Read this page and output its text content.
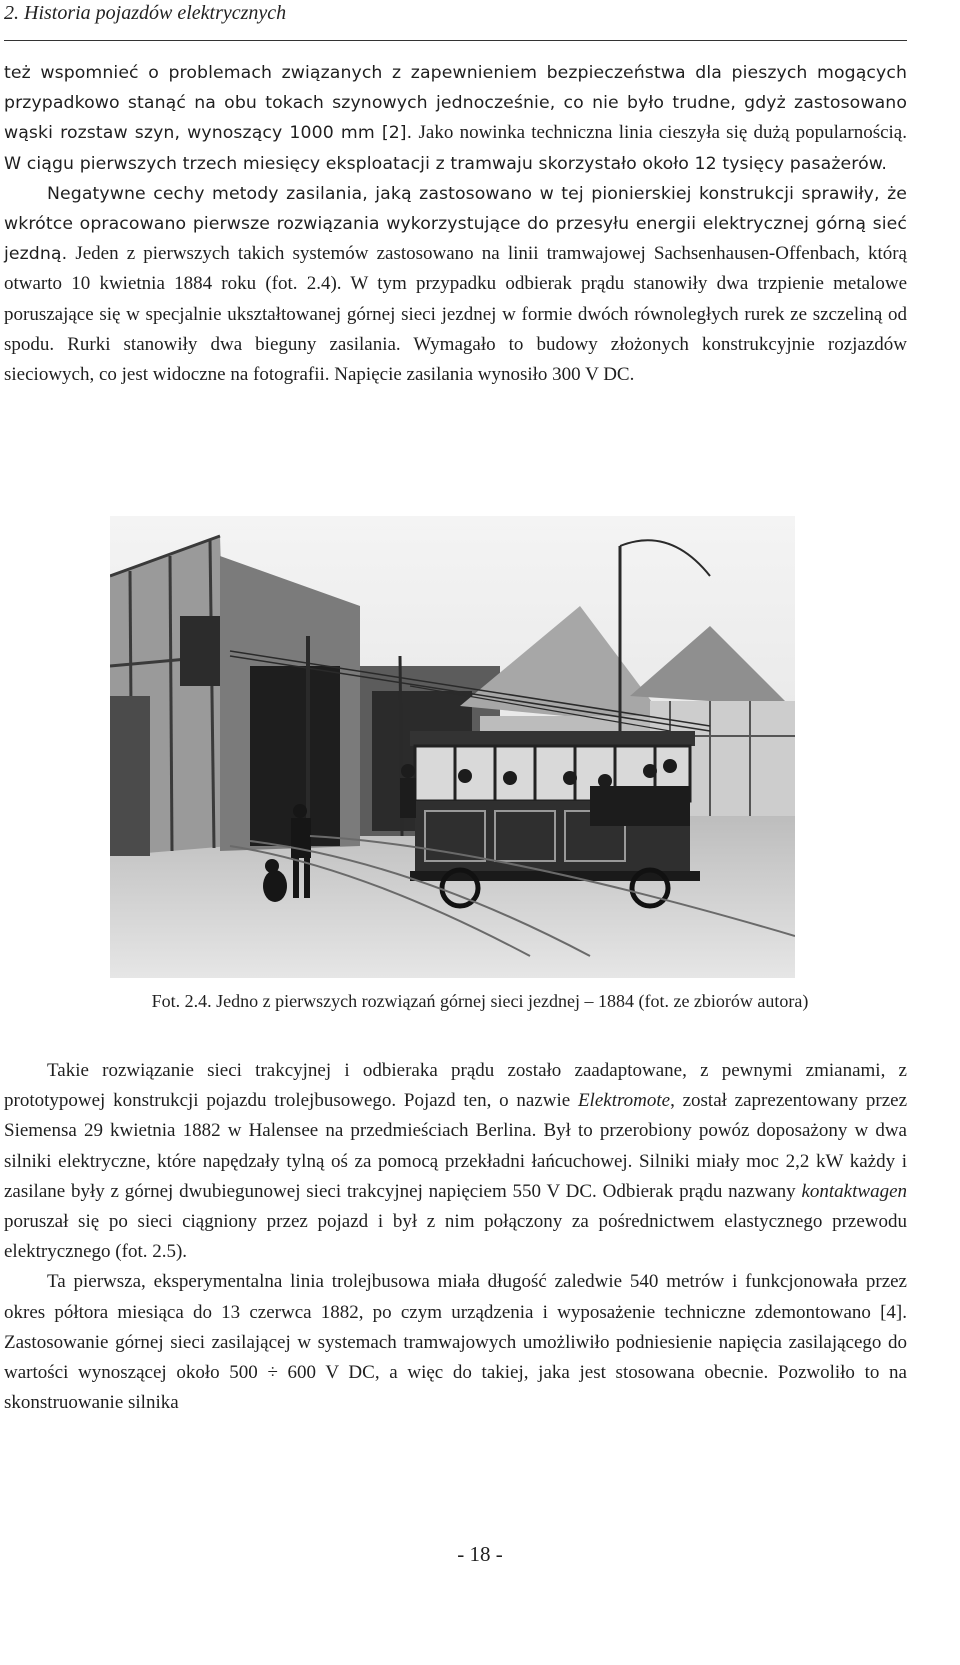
2. Historia pojazdów elektrycznych

też wspomnieć o problemach związanych z zapewnieniem bezpieczeństwa dla pieszych mogących przypadkowo stanąć na obu tokach szynowych jednocześnie, co nie było trudne, gdyż zastosowano wąski rozstaw szyn, wynoszący 1000 mm [2]. Jako nowinka techniczna linia cieszyła się dużą popularnością. W ciągu pierwszych trzech miesięcy eksploatacji z tramwaju skorzystało około 12 tysięcy pasażerów.

Negatywne cechy metody zasilania, jaką zastosowano w tej pionierskiej konstrukcji sprawiły, że wkrótce opracowano pierwsze rozwiązania wykorzystujące do przesyłu energii elektrycznej górną sieć jezdną. Jeden z pierwszych takich systemów zastosowano na linii tramwajowej Sachsenhausen-Offenbach, którą otwarto 10 kwietnia 1884 roku (fot. 2.4). W tym przypadku odbierak prądu stanowiły dwa trzpienie metalowe poruszające się w specjalnie ukształtowanej górnej sieci jezdnej w formie dwóch równoległych rurek ze szczeliną od spodu. Rurki stanowiły dwa bieguny zasilania. Wymagało to budowy złożonych konstrukcyjnie rozjazdów sieciowych, co jest widoczne na fotografii. Napięcie zasilania wynosiło 300 V DC.

Fot. 2.4. Jedno z pierwszych rozwiązań górnej sieci jezdnej – 1884 (fot. ze zbiorów autora)

Takie rozwiązanie sieci trakcyjnej i odbieraka prądu zostało zaadaptowane, z pewnymi zmianami, z prototypowej konstrukcji pojazdu trolejbusowego. Pojazd ten, o nazwie Elektromote, został zaprezentowany przez Siemensa 29 kwietnia 1882 w Halensee na przedmieściach Berlina. Był to przerobiony powóz doposażony w dwa silniki elektryczne, które napędzały tylną oś za pomocą przekładni łańcuchowej. Silniki miały moc 2,2 kW każdy i zasilane były z górnej dwubiegunowej sieci trakcyjnej napięciem 550 V DC. Odbierak prądu nazwany kontaktwagen poruszał się po sieci ciągniony przez pojazd i był z nim połączony za pośrednictwem elastycznego przewodu elektrycznego (fot. 2.5).

Ta pierwsza, eksperymentalna linia trolejbusowa miała długość zaledwie 540 metrów i funkcjonowała przez okres półtora miesiąca do 13 czerwca 1882, po czym urządzenia i wyposażenie techniczne zdemontowano [4]. Zastosowanie górnej sieci zasilającej w systemach tramwajowych umożliwiło podniesienie napięcia zasilającego do wartości wynoszącej około 500 ÷ 600 V DC, a więc do takiej, jaka jest stosowana obecnie. Pozwoliło to na skonstruowanie silnika

- 18 -
